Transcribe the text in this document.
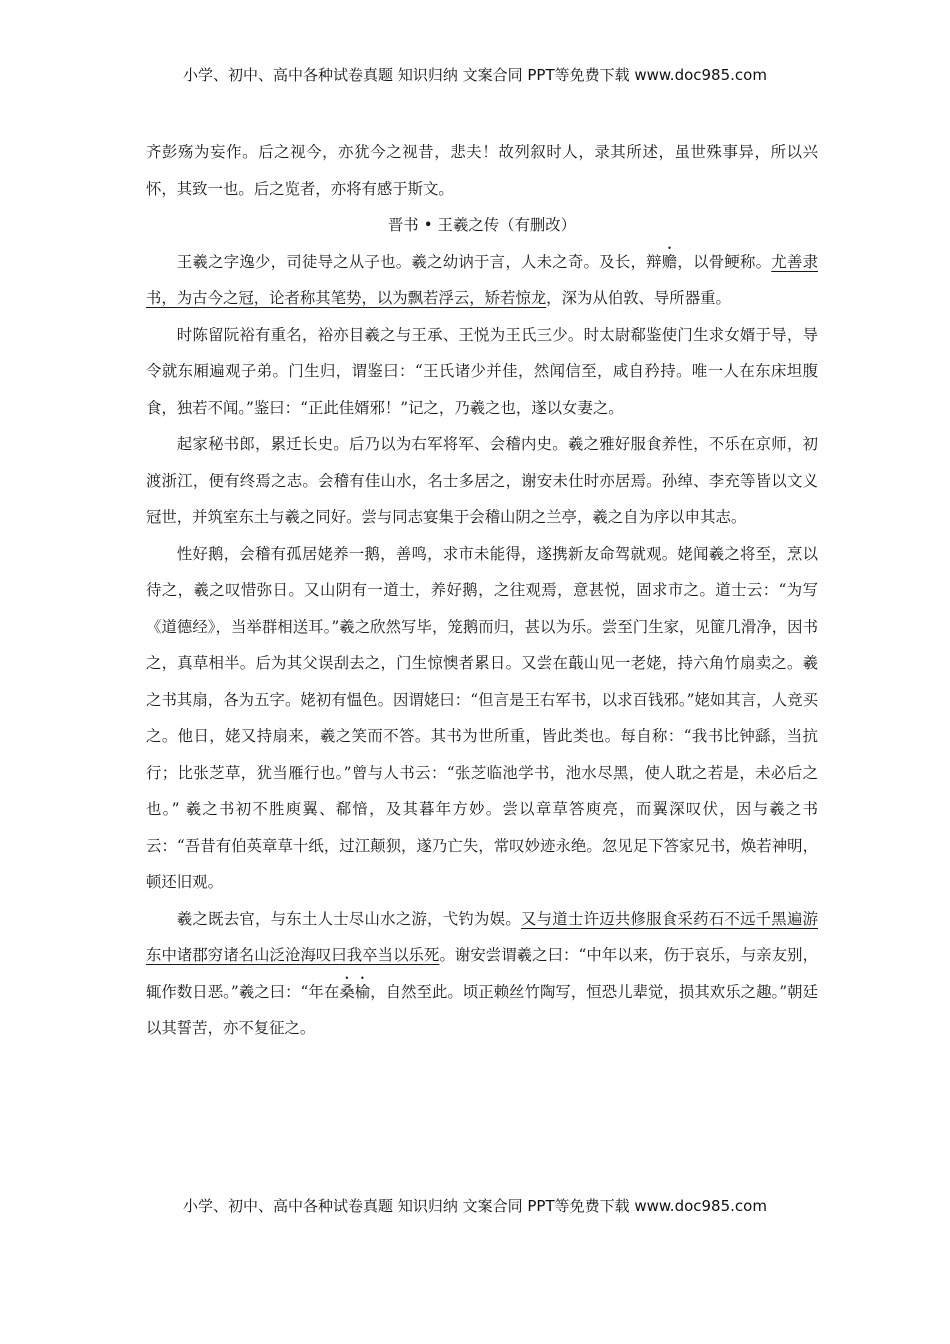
小学、初中、高中各种试卷真题 知识归纳 文案合同 PPT等免费下载 www.doc985.com

齐彭殇为妄作。后之视今，亦犹今之视昔，悲夫！故列叙时人，录其所述，虽世殊事异，所以兴怀，其致一也。后之览者，亦将有感于斯文。

晋书 • 王羲之传（有删改）

王羲之字逸少，司徒导之从子也。羲之幼讷于言，人未之奇。及长，辩赡，以骨鲠称。尤善隶书，为古今之冠，论者称其笔势，以为飘若浮云，矫若惊龙，深为从伯敦、导所器重。

时陈留阮裕有重名，裕亦目羲之与王承、王悦为王氏三少。时太尉郗鉴使门生求女婿于导，导令就东厢遍观子弟。门生归，谓鉴曰：“王氏诸少并佳，然闻信至，咸自矜持。唯一人在东床坦腹食，独若不闻。”鉴曰：“正此佳婿邪！”记之，乃羲之也，遂以女妻之。

起家秘书郎，累迁长史。后乃以为右军将军、会稽内史。羲之雅好服食养性，不乐在京师，初渡浙江，便有终焉之志。会稽有佳山水，名士多居之，谢安未仕时亦居焉。孙绰、李充等皆以文义冠世，并筑室东土与羲之同好。尝与同志宴集于会稽山阴之兰亭，羲之自为序以申其志。

性好鹅，会稽有孤居姥养一鹅，善鸣，求市未能得，遂携新友命驾就观。姥闻羲之将至，烹以待之，羲之叹惜弥日。又山阴有一道士，养好鹅，之往观焉，意甚悦，固求市之。道士云：“为写《道德经》，当举群相送耳。”羲之欣然写毕，笼鹅而归，甚以为乐。尝至门生家，见篚几滑净，因书之，真草相半。后为其父误刮去之，门生惊懊者累日。又尝在蕺山见一老姥，持六角竹扇卖之。羲之书其扇，各为五字。姥初有愠色。因谓姥曰：“但言是王右军书，以求百钱邪。”姥如其言，人竞买之。他日，姥又持扇来，羲之笑而不答。其书为世所重，皆此类也。每自称：“我书比钟繇，当抗行；比张芝草，犹当雁行也。”曾与人书云：“张芝临池学书，池水尽黑，使人耽之若是，未必后之也。” 羲之书初不胜庾翼、郗愔，及其暮年方妙。尝以章草答庾亮，而翼深叹伏，因与羲之书云：“吾昔有伯英章草十纸，过江颠狈，遂乃亡失，常叹妙迹永绝。忽见足下答家兄书，焕若神明，顿还旧观。

羲之既去官，与东土人士尽山水之游，弋钓为娱。又与道士许迈共修服食采药石不远千黑遍游东中诸郡穷诸名山泛沧海叹曰我卒当以乐死。谢安尝谓羲之曰：“中年以来，伤于哀乐，与亲友别，辄作数日恶。”羲之曰：“年在桑榆，自然至此。顷正赖丝竹陶写，恒恐儿辈觉，损其欢乐之趣。”朝廷以其誓苦，亦不复征之。

小学、初中、高中各种试卷真题 知识归纳 文案合同 PPT等免费下载 www.doc985.com
